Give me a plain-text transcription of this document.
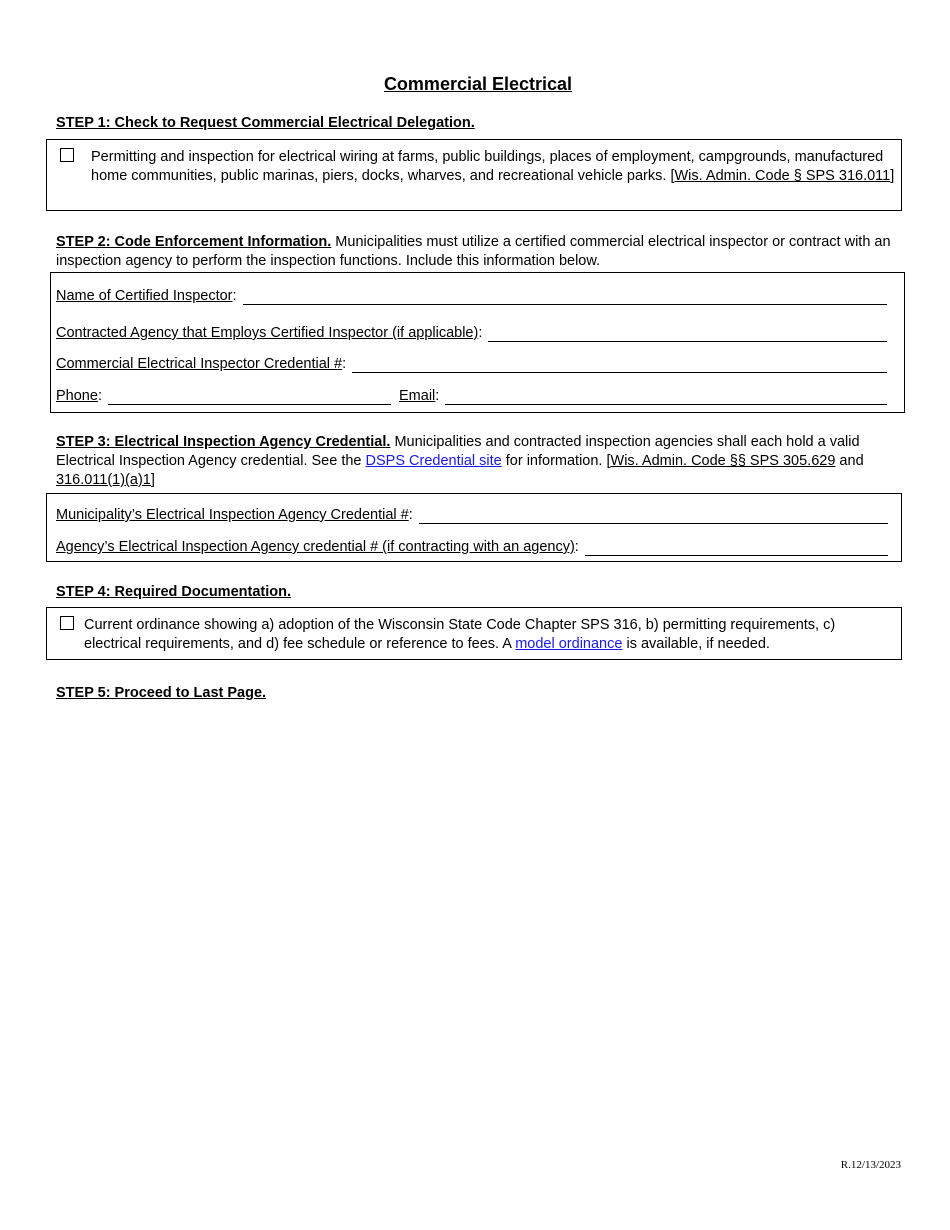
Commercial Electrical
STEP 1: Check to Request Commercial Electrical Delegation.
Permitting and inspection for electrical wiring at farms, public buildings, places of employment, campgrounds, manufactured home communities, public marinas, piers, docks, wharves, and recreational vehicle parks. [Wis. Admin. Code § SPS 316.011]
STEP 2: Code Enforcement Information. Municipalities must utilize a certified commercial electrical inspector or contract with an inspection agency to perform the inspection functions. Include this information below.
Name of Certified Inspector:
Contracted Agency that Employs Certified Inspector (if applicable):
Commercial Electrical Inspector Credential #:
Phone:	Email:
STEP 3: Electrical Inspection Agency Credential. Municipalities and contracted inspection agencies shall each hold a valid Electrical Inspection Agency credential. See the DSPS Credential site for information. [Wis. Admin. Code §§ SPS 305.629 and 316.011(1)(a)1]
Municipality’s Electrical Inspection Agency Credential #:
Agency’s Electrical Inspection Agency credential # (if contracting with an agency):
STEP 4: Required Documentation.
Current ordinance showing a) adoption of the Wisconsin State Code Chapter SPS 316, b) permitting requirements, c) electrical requirements, and d) fee schedule or reference to fees. A model ordinance is available, if needed.
STEP 5: Proceed to Last Page.
R.12/13/2023
